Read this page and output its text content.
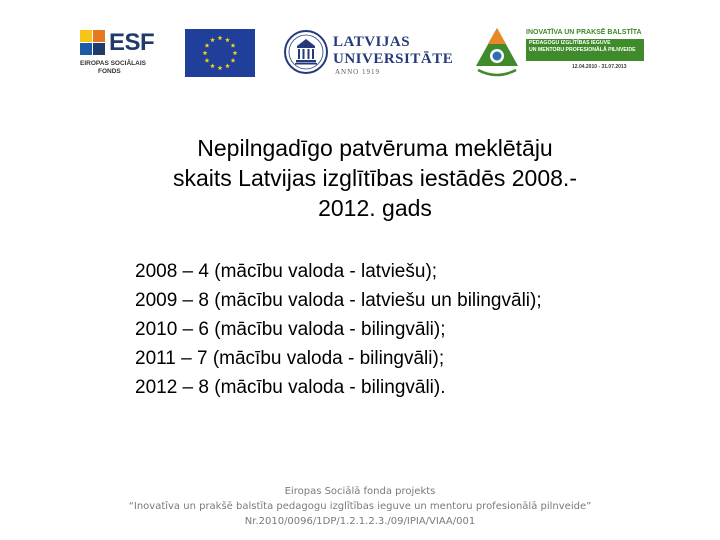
ESF
EIROPAS SOCIĀLAIS
FONDS
LATVIJAS
UNIVERSITĀTE
ANNO 1919
INOVATĪVA UN PRAKSĒ BALSTĪTA
PEDAGOGU IZGLĪTĪBAS IEGUVE
UN MENTORU PROFESIONĀLĀ PILNVEIDE
12.04.2010 - 31.07.2013
Nepilngadīgo patvēruma meklētāju
skaits Latvijas izglītības iestādēs 2008.-
2012. gads
2008 – 4 (mācību valoda - latviešu);
2009 – 8 (mācību valoda - latviešu un bilingvāli);
2010 – 6 (mācību valoda - bilingvāli);
2011 – 7 (mācību valoda - bilingvāli);
2012 – 8 (mācību valoda - bilingvāli).
Eiropas Sociālā fonda projekts
“Inovatīva un prakšē balstīta pedagogu izglītības ieguve un mentoru profesionālā pilnveide”
Nr.2010/0096/1DP/1.2.1.2.3./09/IPIA/VIAA/001
